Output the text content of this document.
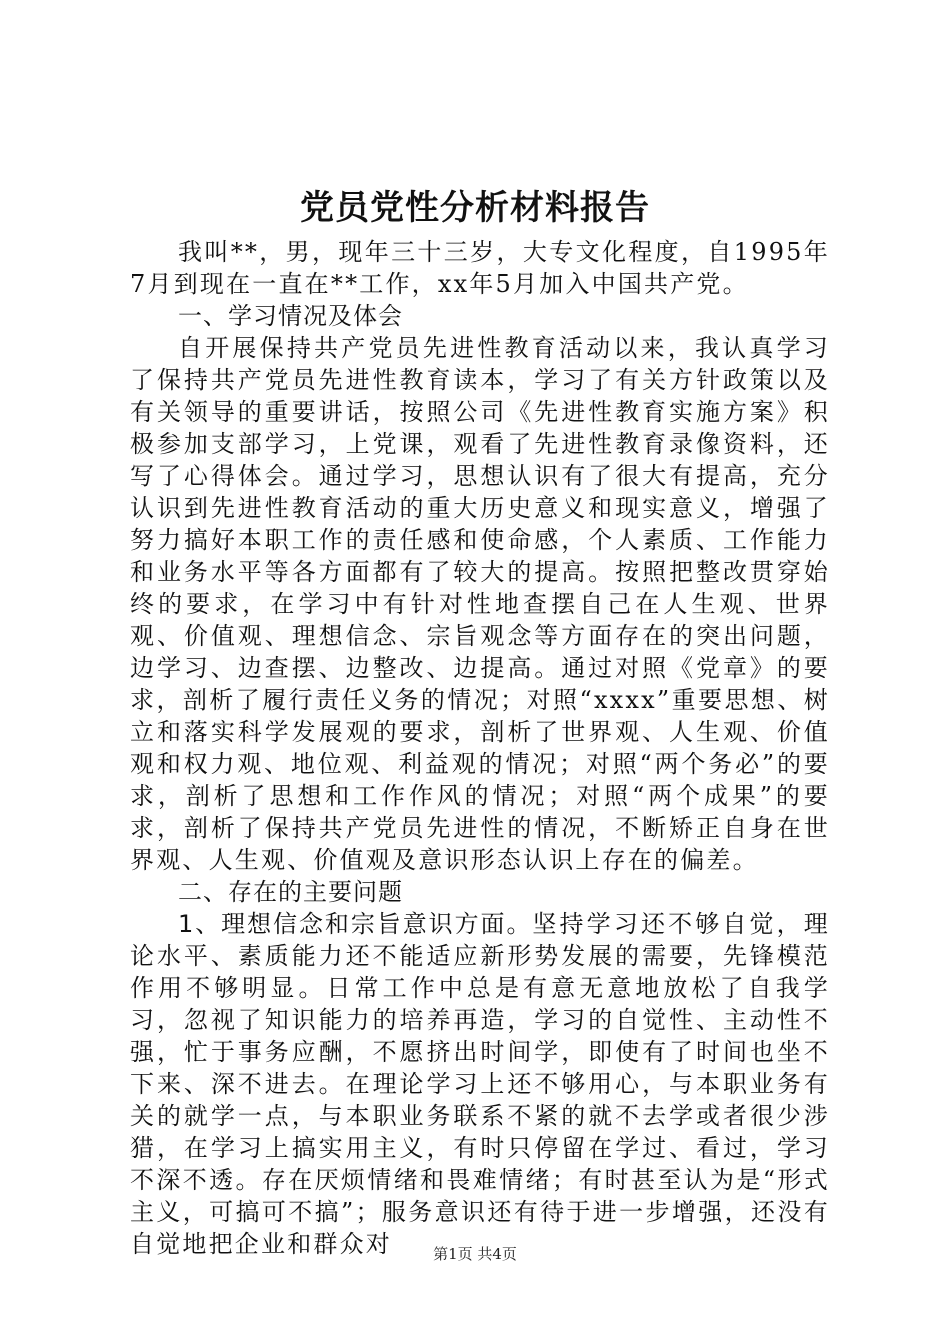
党员党性分析材料报告

我叫**，男，现年三十三岁，大专文化程度，自1995年7月到现在一直在**工作，xx年5月加入中国共产党。

一、学习情况及体会

自开展保持共产党员先进性教育活动以来，我认真学习了保持共产党员先进性教育读本，学习了有关方针政策以及有关领导的重要讲话，按照公司《先进性教育实施方案》积极参加支部学习，上党课，观看了先进性教育录像资料，还写了心得体会。通过学习，思想认识有了很大有提高，充分认识到先进性教育活动的重大历史意义和现实意义，增强了努力搞好本职工作的责任感和使命感，个人素质、工作能力和业务水平等各方面都有了较大的提高。按照把整改贯穿始终的要求，在学习中有针对性地查摆自己在人生观、世界观、价值观、理想信念、宗旨观念等方面存在的突出问题，边学习、边查摆、边整改、边提高。通过对照《党章》的要求，剖析了履行责任义务的情况；对照“xxxx”重要思想、树立和落实科学发展观的要求，剖析了世界观、人生观、价值观和权力观、地位观、利益观的情况；对照“两个务必”的要求，剖析了思想和工作作风的情况；对照“两个成果”的要求，剖析了保持共产党员先进性的情况，不断矫正自身在世界观、人生观、价值观及意识形态认识上存在的偏差。

二、存在的主要问题

1、理想信念和宗旨意识方面。坚持学习还不够自觉，理论水平、素质能力还不能适应新形势发展的需要，先锋模范作用不够明显。日常工作中总是有意无意地放松了自我学习，忽视了知识能力的培养再造，学习的自觉性、主动性不强，忙于事务应酬，不愿挤出时间学，即使有了时间也坐不下来、深不进去。在理论学习上还不够用心，与本职业务有关的就学一点，与本职业务联系不紧的就不去学或者很少涉猎，在学习上搞实用主义，有时只停留在学过、看过，学习不深不透。存在厌烦情绪和畏难情绪；有时甚至认为是“形式主义，可搞可不搞”；服务意识还有待于进一步增强，还没有自觉地把企业和群众对	第1页 共4页
